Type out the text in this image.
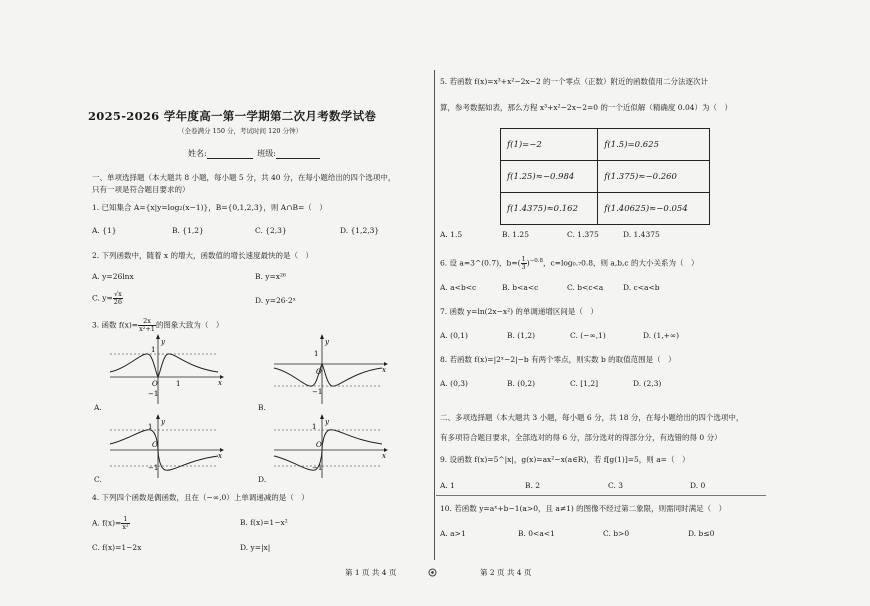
2025-2026 学年度高一第一学期第二次月考数学试卷
（全卷满分 150 分，考试时间 120 分钟）
姓名:	班级:
一、单项选择题（本大题共 8 小题，每小题 5 分，共 40 分，在每小题给出的四个选项中，
只有一项是符合题目要求的）
1. 已知集合 A={x|y=log₂(x−1)}，B={0,1,2,3}，则 A∩B=（　）
A. {1}	B. {1,2}	C. {2,3}	D. {1,2,3}
2. 下列函数中，随着 x 的增大，函数值的增长速度最快的是（　）
A. y=26lnx	B. y=x²⁶
C. $y= \frac{√x}{26}$	D. y=26·2ˣ
3. 函数 $f(x)= \frac{2x}{\text{x²+1}}$ 的图象大致为（　）
y
x
O	1
1
−1
A.
y
x
O
1
−1
B.
y
x
O
1
−1
C.
y
x
O
1
−1
D.
4. 下列四个函数是偶函数，且在（−∞,0）上单调递减的是（　）
A. $f(x)= \frac{1}{\text{x²}}$	B. f(x)=1−x²
C. f(x)=1−2x	D. y=|x|
5. 若函数 f(x)=x³+x²−2x−2 的一个零点（正数）附近的函数值用二分法逐次计
算，参考数据如表，那么方程 x³+x²−2x−2=0 的一个近似解（精确度 0.04）为（　）
f(1)=−2	f(1.5)=0.625
f(1.25)≈−0.984	f(1.375)≈−0.260
f(1.4375)≈0.162	f(1.40625)≈−0.054
A. 1.5	B. 1.25	C. 1.375	D. 1.4375
6. 设 a=3^(0.7)，$b=( \frac{1}{3} )^{-0.8}$，c=log₀.₇0.8，则 a,b,c 的大小关系为（　）
A. a<b<c	B. b<a<c	C. b<c<a	D. c<a<b
7. 函数 y=ln(2x−x²) 的单调递增区间是（　）
A. (0,1)	B. (1,2)	C. (−∞,1)	D. (1,+∞)
8. 若函数 f(x)=|2ˣ−2|−b 有两个零点，则实数 b 的取值范围是（　）
A. (0,3)	B. (0,2)	C. [1,2]	D. (2,3)
二、多项选择题（本大题共 3 小题，每小题 6 分，共 18 分，在每小题给出的四个选项中，
有多项符合题目要求，全部选对的得 6 分，部分选对的得部分分，有选错的得 0 分）
9. 设函数 f(x)=5^|x|，g(x)=ax²−x(a∈R)，若 f[g(1)]=5，则 a=（　）
A. 1	B. 2	C. 3	D. 0
10. 若函数 y=aˣ+b−1(a>0，且 a≠1) 的图像不经过第二象限，则需同时满足（　）
A. a>1	B. 0<a<1	C. b>0	D. b≤0
第 1 页 共 4 页	第 2 页 共 4 页
